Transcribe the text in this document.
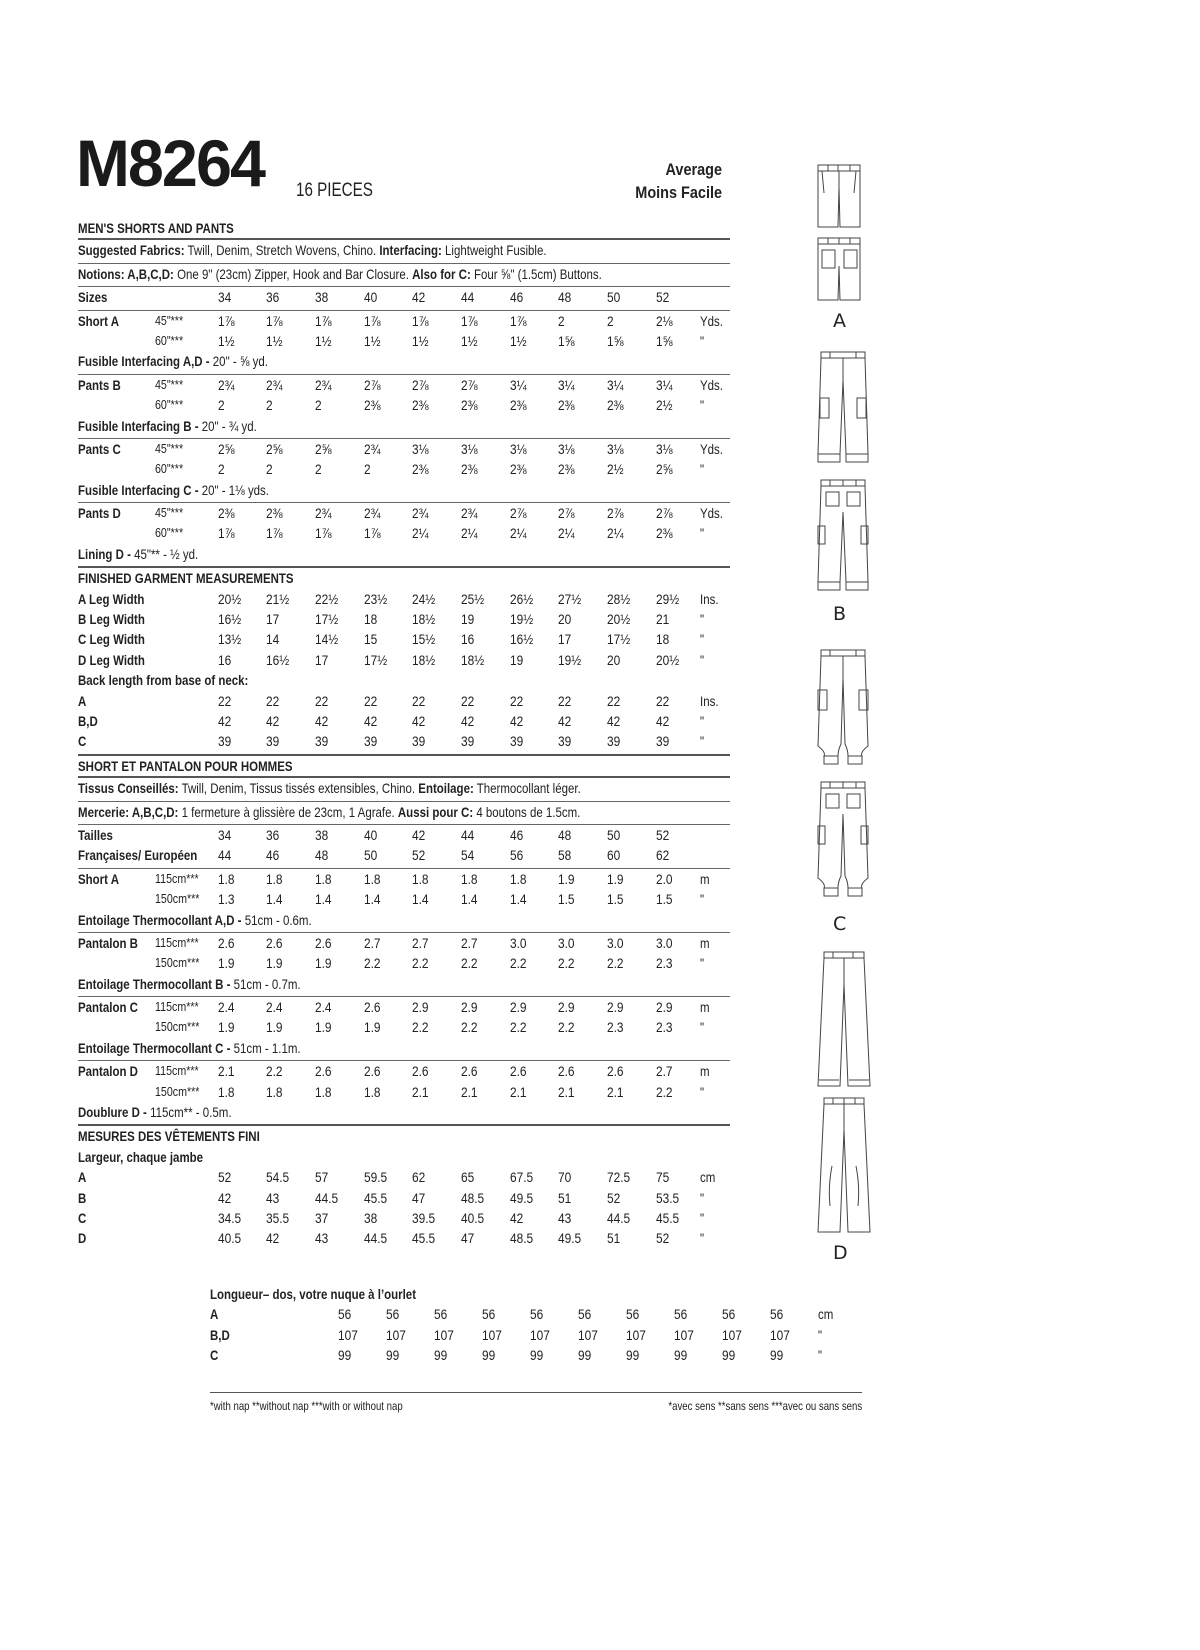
M8264 16 PIECES
Average
Moins Facile
MEN'S SHORTS AND PANTS
Suggested Fabrics: Twill, Denim, Stretch Wovens, Chino. Interfacing: Lightweight Fusible.
Notions: A,B,C,D: One 9" (23cm) Zipper, Hook and Bar Closure. Also for C: Four ⅝" (1.5cm) Buttons.
Sizes	34	36	38	40	42	44	46	48	50	52
Short A	45"*** 1⅞	1⅞	1⅞	1⅞	1⅞	1⅞	1⅞	2	2	2⅛	Yds.
60"*** 1½	1½	1½	1½	1½	1½	1½	1⅝	1⅝	1⅝	"
Fusible Interfacing A,D - 20" - ⅝ yd.
Pants B	45"*** 2¾	2¾	2¾	2⅞	2⅞	2⅞	3¼	3¼	3¼	3¼	Yds.
60"*** 2	2	2	2⅜	2⅜	2⅜	2⅜	2⅜	2⅜	2½	"
Fusible Interfacing B - 20" - ¾ yd.
Pants C	45"*** 2⅝	2⅝	2⅝	2¾	3⅛	3⅛	3⅛	3⅛	3⅛	3⅛	Yds.
60"*** 2	2	2	2	2⅜	2⅜	2⅜	2⅜	2½	2⅝	"
Fusible Interfacing C - 20" - 1⅛ yds.
Pants D	45"*** 2⅜	2⅜	2¾	2¾	2¾	2¾	2⅞	2⅞	2⅞	2⅞	Yds.
60"*** 1⅞	1⅞	1⅞	1⅞	2¼	2¼	2¼	2¼	2¼	2⅜	"
Lining D - 45"** - ½ yd.
FINISHED GARMENT MEASUREMENTS
A Leg Width	20½	21½	22½	23½	24½	25½	26½	27½	28½	29½	Ins.
B Leg Width	16½	17	17½	18	18½	19	19½	20	20½	21	"
C Leg Width	13½	14	14½	15	15½	16	16½	17	17½	18	"
D Leg Width	16	16½	17	17½	18½	18½	19	19½	20	20½	"
Back length from base of neck:
A	22	22	22	22	22	22	22	22	22	22	Ins.
B,D	42	42	42	42	42	42	42	42	42	42	"
C	39	39	39	39	39	39	39	39	39	39	"
SHORT ET PANTALON POUR HOMMES
Tissus Conseillés: Twill, Denim, Tissus tissés extensibles, Chino. Entoilage: Thermocollant léger.
Mercerie: A,B,C,D: 1 fermeture à glissière de 23cm, 1 Agrafe. Aussi pour C: 4 boutons de 1.5cm.
Tailles	34	36	38	40	42	44	46	48	50	52
Françaises/ Européen 44	46	48	50	52	54	56	58	60	62
Short A	115cm*** 1.8	1.8	1.8	1.8	1.8	1.8	1.8	1.9	1.9	2.0	m
150cm*** 1.3	1.4	1.4	1.4	1.4	1.4	1.4	1.5	1.5	1.5	"
Entoilage Thermocollant A,D - 51cm - 0.6m.
Pantalon B 115cm*** 2.6	2.6	2.6	2.7	2.7	2.7	3.0	3.0	3.0	3.0	m
150cm*** 1.9	1.9	1.9	2.2	2.2	2.2	2.2	2.2	2.2	2.3	"
Entoilage Thermocollant B - 51cm - 0.7m.
Pantalon C 115cm*** 2.4	2.4	2.4	2.6	2.9	2.9	2.9	2.9	2.9	2.9	m
150cm*** 1.9	1.9	1.9	1.9	2.2	2.2	2.2	2.2	2.3	2.3	"
Entoilage Thermocollant C - 51cm - 1.1m.
Pantalon D 115cm*** 2.1	2.2	2.6	2.6	2.6	2.6	2.6	2.6	2.6	2.7	m
150cm*** 1.8	1.8	1.8	1.8	2.1	2.1	2.1	2.1	2.1	2.2	"
Doublure D - 115cm** - 0.5m.
MESURES DES VÊTEMENTS FINI
Largeur, chaque jambe
A	52	54.5	57	59.5	62	65	67.5	70	72.5	75	cm
B	42	43	44.5	45.5	47	48.5	49.5	51	52	53.5	"
C	34.5	35.5	37	38	39.5	40.5	42	43	44.5	45.5	"
D	40.5	42	43	44.5	45.5	47	48.5	49.5	51	52	"
Longueur– dos, votre nuque à l’ourlet
A	56	56	56	56	56	56	56	56	56	56	cm
B,D	107	107	107	107	107	107	107	107	107	107	"
C	99	99	99	99	99	99	99	99	99	99	"
*with nap **without nap ***with or without nap	*avec sens **sans sens ***avec ou sans sens
A
B
C
D
